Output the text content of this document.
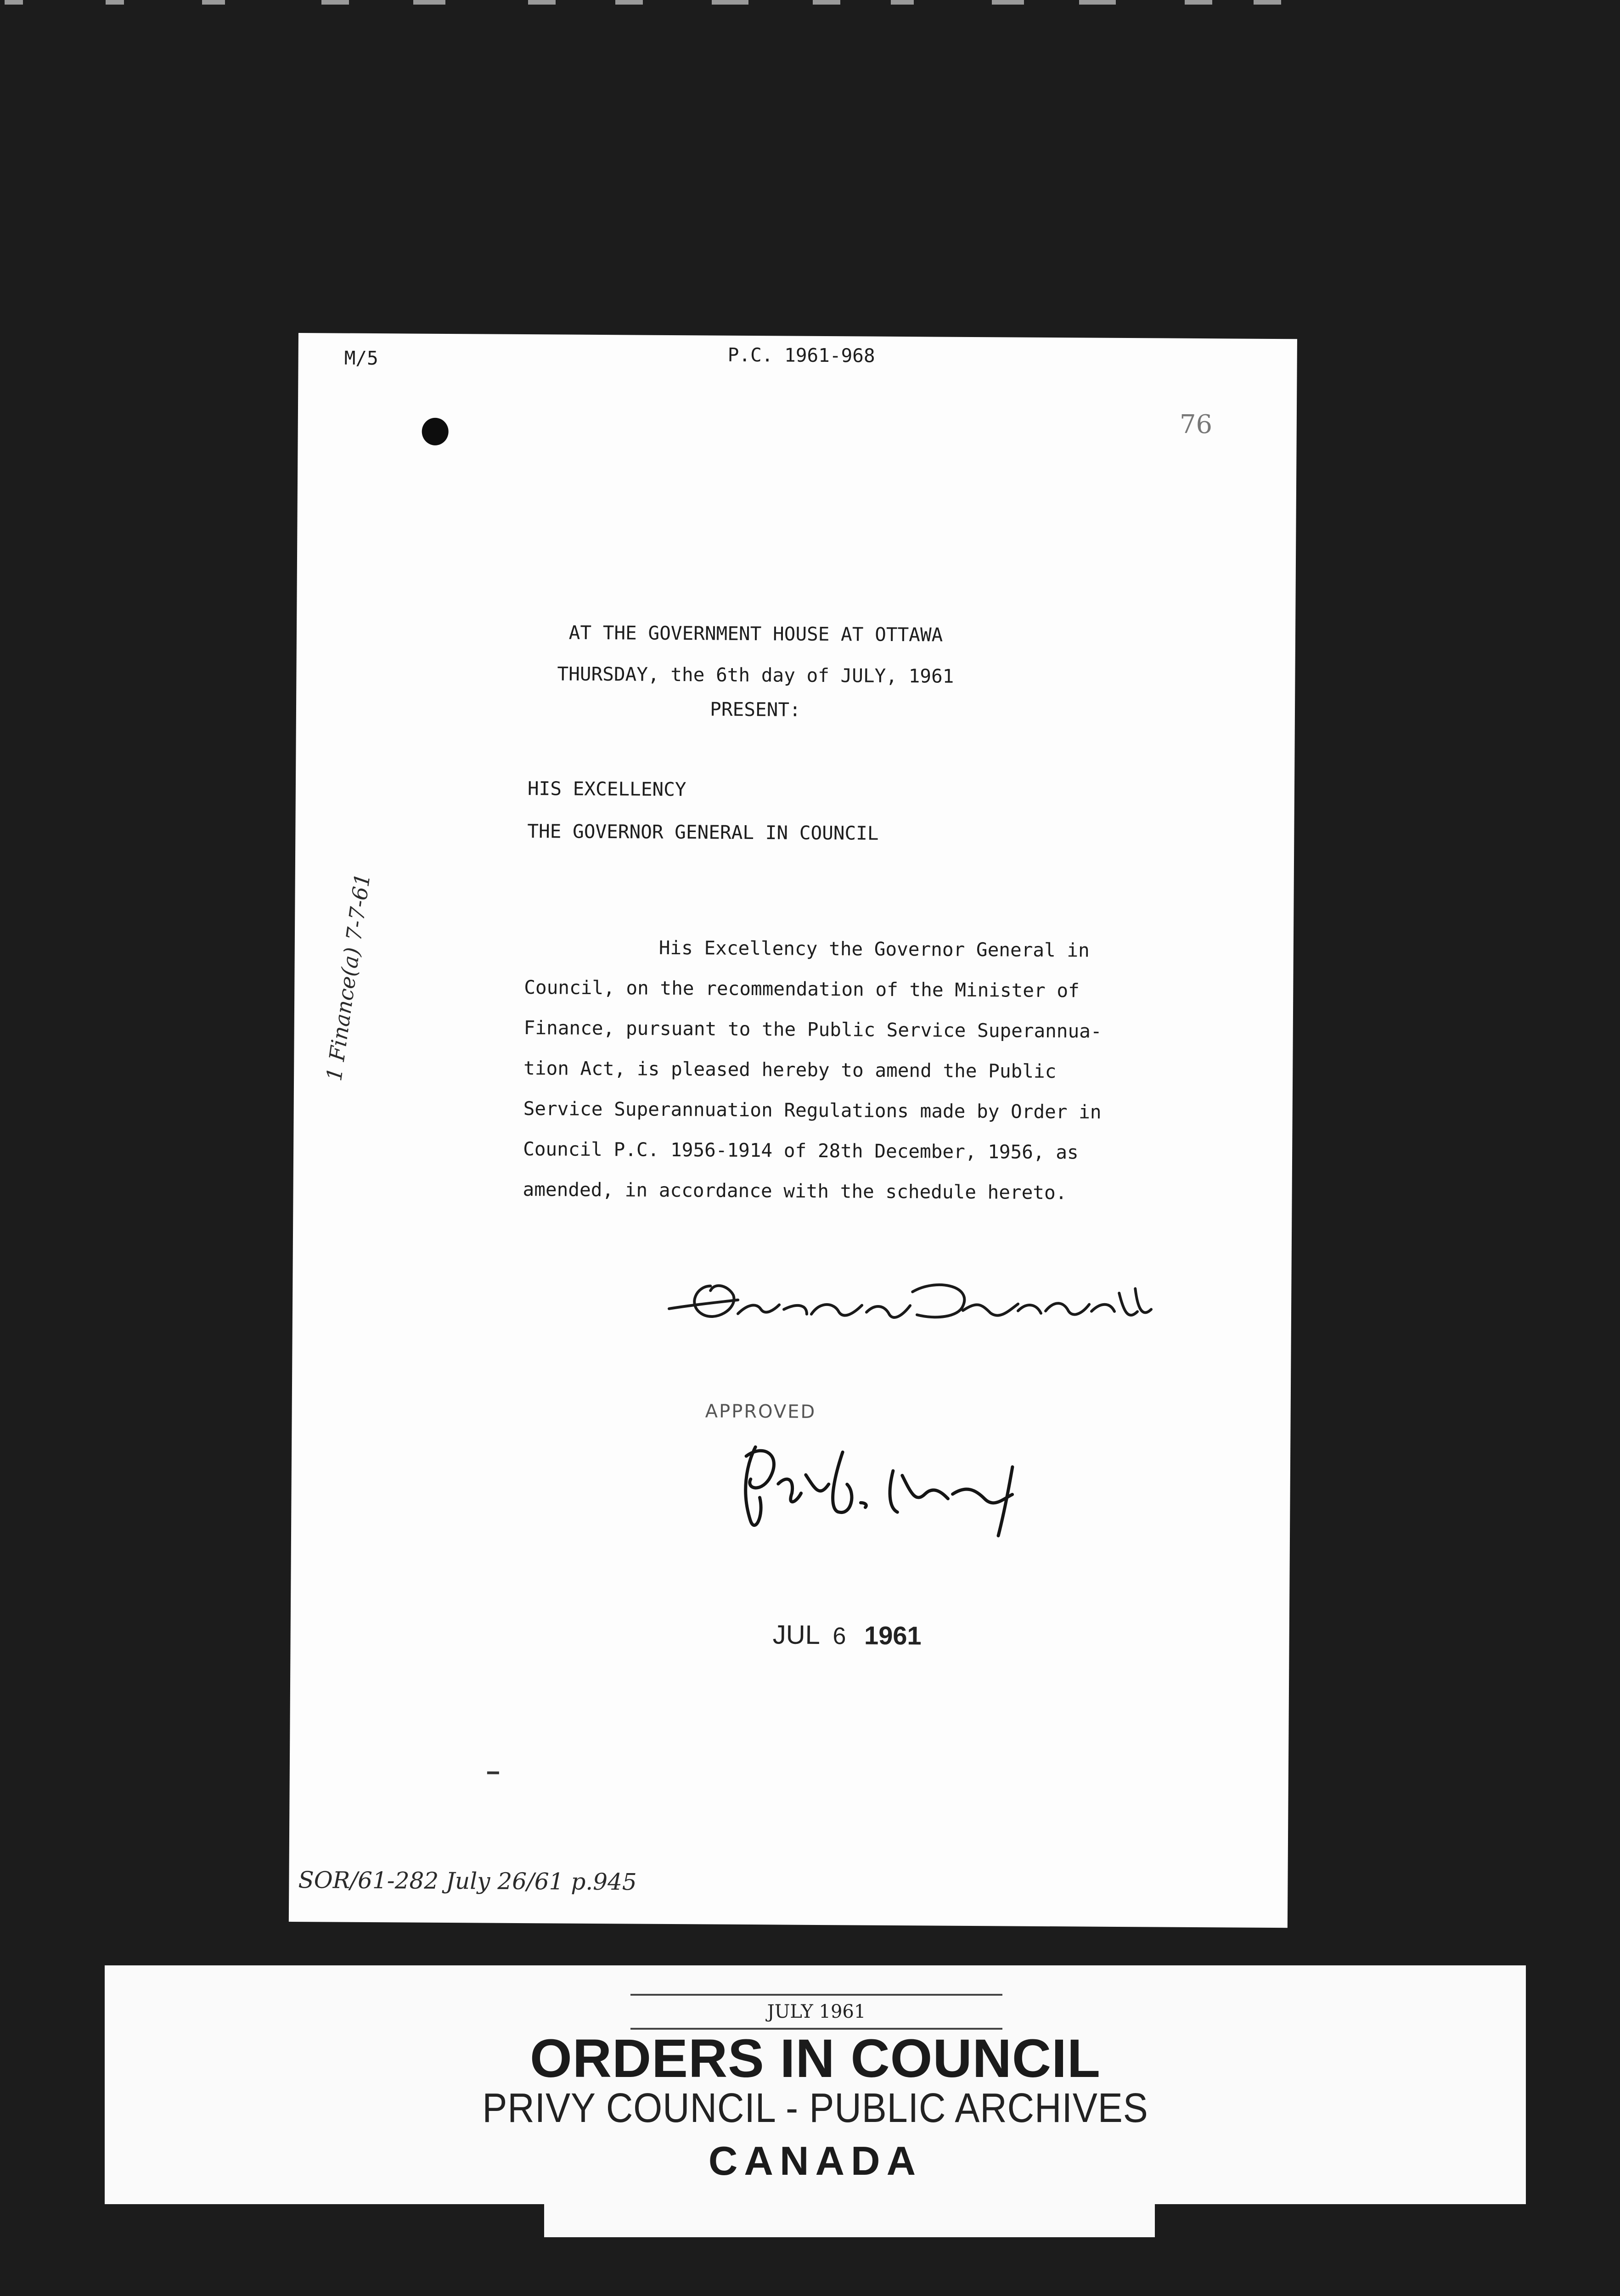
M/5	P.C. 1961-968
76
AT THE GOVERNMENT HOUSE AT OTTAWA
THURSDAY, the 6th day of JULY, 1961
PRESENT:
HIS EXCELLENCY
THE GOVERNOR GENERAL IN COUNCIL
His Excellency the Governor General in
Council, on the recommendation of the Minister of
Finance, pursuant to the Public Service Superannua-
tion Act, is pleased hereby to amend the Public
Service Superannuation Regulations made by Order in
Council P.C. 1956-1914 of 28th December, 1956, as
amended, in accordance with the schedule hereto.
APPROVED
JUL 6 1961
SOR/61-282 July 26/61 p.945
1 Finance(a) 7-7-61
JULY 1961
ORDERS IN COUNCIL
PRIVY COUNCIL - PUBLIC ARCHIVES
CANADA
